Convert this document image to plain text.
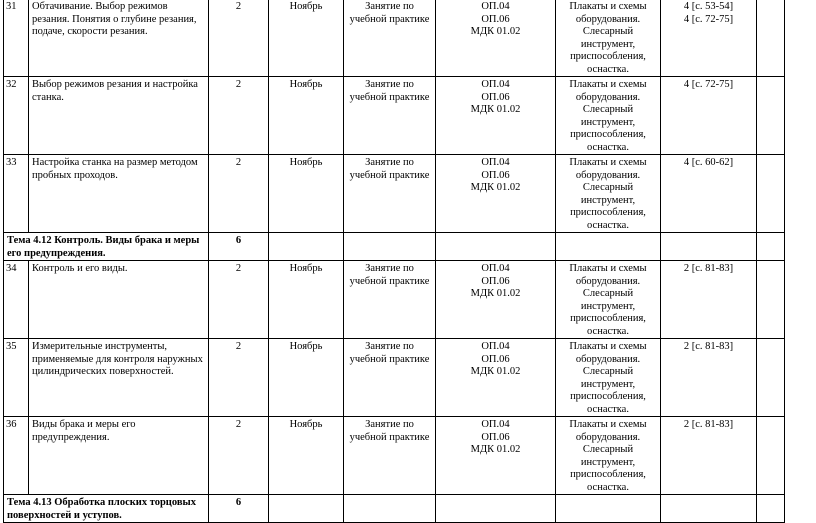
31	Обтачивание. Выбор режимов резания. Понятия о глубине резания, подаче, скорости резания.	2	Ноябрь	Занятие по учебной практике	ОП.04
ОП.06
МДК 01.02	Плакаты и схемы оборудования. Слесарный инструмент, приспособления, оснастка.	4 [с. 53-54]
4 [с. 72-75]	

32	Выбор режимов резания и настройка станка.	2	Ноябрь	Занятие по учебной практике	ОП.04
ОП.06
МДК 01.02	Плакаты и схемы оборудования. Слесарный инструмент, приспособления, оснастка.	4 [с. 72-75]	

33	Настройка станка на размер методом пробных проходов.	2	Ноябрь	Занятие по учебной практике	ОП.04
ОП.06
МДК 01.02	Плакаты и схемы оборудования. Слесарный инструмент, приспособления, оснастка.	4 [с. 60-62]	

Тема 4.12 Контроль. Виды брака и меры его предупреждения.		6						
34	Контроль и его виды.	2	Ноябрь	Занятие по учебной практике	ОП.04
ОП.06
МДК 01.02	Плакаты и схемы оборудования. Слесарный инструмент, приспособления, оснастка.	2 [с. 81-83]	

35	Измерительные инструменты, применяемые для контроля наружных цилиндрических поверхностей.	2	Ноябрь	Занятие по учебной практике	ОП.04
ОП.06
МДК 01.02	Плакаты и схемы оборудования. Слесарный инструмент, приспособления, оснастка.	2 [с. 81-83]	

36	Виды брака и меры его предупреждения.	2	Ноябрь	Занятие по учебной практике	ОП.04
ОП.06
МДК 01.02	Плакаты и схемы оборудования. Слесарный инструмент, приспособления, оснастка.	2 [с. 81-83]	

Тема 4.13 Обработка плоских торцовых поверхностей и уступов.		6						
